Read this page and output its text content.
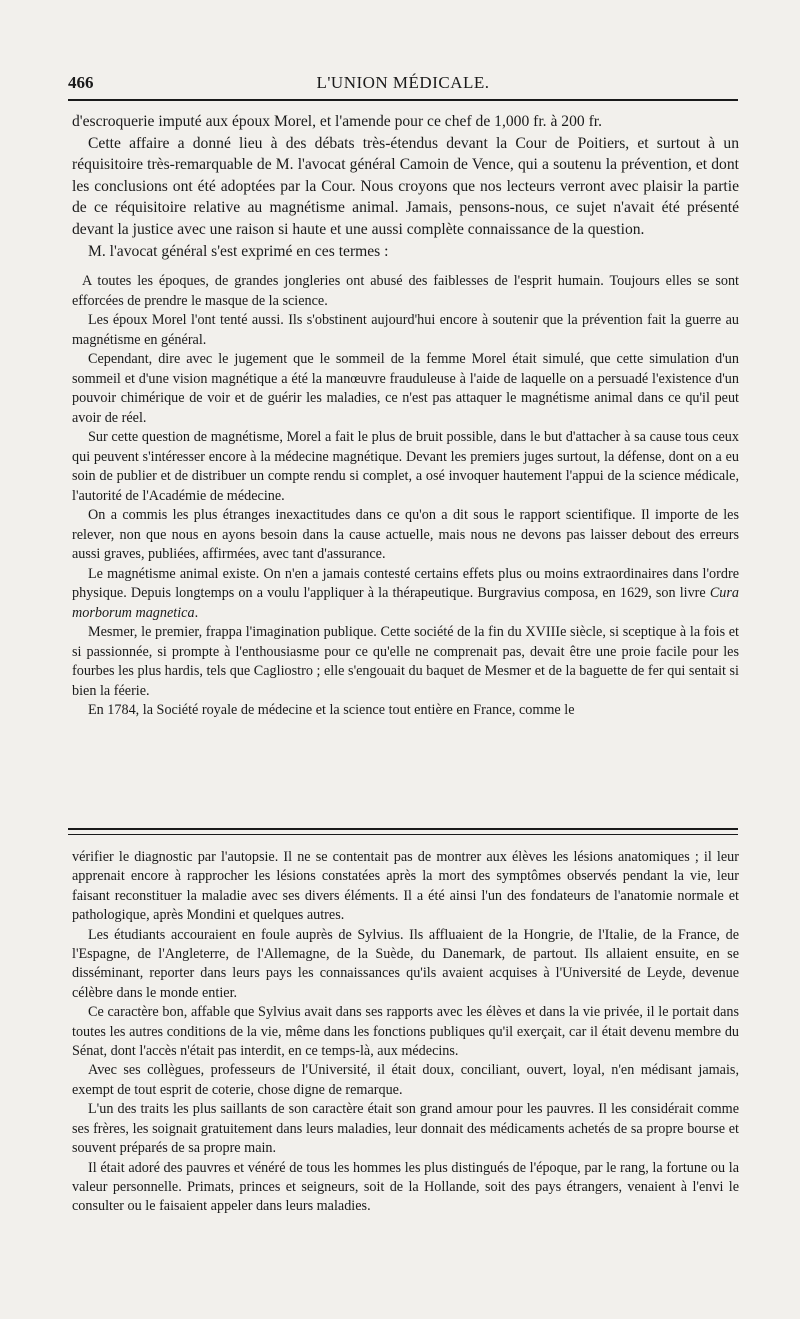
466	L'UNION MÉDICALE.

d'escroquerie imputé aux époux Morel, et l'amende pour ce chef de 1,000 fr. à 200 fr.

Cette affaire a donné lieu à des débats très-étendus devant la Cour de Poitiers, et surtout à un réquisitoire très-remarquable de M. l'avocat général Camoin de Vence, qui a soutenu la prévention, et dont les conclusions ont été adoptées par la Cour. Nous croyons que nos lecteurs verront avec plaisir la partie de ce réquisitoire relative au magnétisme animal. Jamais, pensons-nous, ce sujet n'avait été présenté devant la justice avec une raison si haute et une aussi complète connaissance de la question.

M. l'avocat général s'est exprimé en ces termes :

A toutes les époques, de grandes jongleries ont abusé des faiblesses de l'esprit humain. Toujours elles se sont efforcées de prendre le masque de la science.

Les époux Morel l'ont tenté aussi. Ils s'obstinent aujourd'hui encore à soutenir que la prévention fait la guerre au magnétisme en général.

Cependant, dire avec le jugement que le sommeil de la femme Morel était simulé, que cette simulation d'un sommeil et d'une vision magnétique a été la manœuvre frauduleuse à l'aide de laquelle on a persuadé l'existence d'un pouvoir chimérique de voir et de guérir les maladies, ce n'est pas attaquer le magnétisme animal dans ce qu'il peut avoir de réel.

Sur cette question de magnétisme, Morel a fait le plus de bruit possible, dans le but d'attacher à sa cause tous ceux qui peuvent s'intéresser encore à la médecine magnétique. Devant les premiers juges surtout, la défense, dont on a eu soin de publier et de distribuer un compte rendu si complet, a osé invoquer hautement l'appui de la science médicale, l'autorité de l'Académie de médecine.

On a commis les plus étranges inexactitudes dans ce qu'on a dit sous le rapport scientifique. Il importe de les relever, non que nous en ayons besoin dans la cause actuelle, mais nous ne devons pas laisser debout des erreurs aussi graves, publiées, affirmées, avec tant d'assurance.

Le magnétisme animal existe. On n'en a jamais contesté certains effets plus ou moins extraordinaires dans l'ordre physique. Depuis longtemps on a voulu l'appliquer à la thérapeutique. Burgravius composa, en 1629, son livre Cura morborum magnetica.

Mesmer, le premier, frappa l'imagination publique. Cette société de la fin du XVIIIe siècle, si sceptique à la fois et si passionnée, si prompte à l'enthousiasme pour ce qu'elle ne comprenait pas, devait être une proie facile pour les fourbes les plus hardis, tels que Cagliostro ; elle s'engouait du baquet de Mesmer et de la baguette de fer qui sentait si bien la féerie.

En 1784, la Société royale de médecine et la science tout entière en France, comme le

vérifier le diagnostic par l'autopsie. Il ne se contentait pas de montrer aux élèves les lésions anatomiques ; il leur apprenait encore à rapprocher les lésions constatées après la mort des symptômes observés pendant la vie, leur faisant reconstituer la maladie avec ses divers éléments. Il a été ainsi l'un des fondateurs de l'anatomie normale et pathologique, après Mondini et quelques autres.

Les étudiants accouraient en foule auprès de Sylvius. Ils affluaient de la Hongrie, de l'Italie, de la France, de l'Espagne, de l'Angleterre, de l'Allemagne, de la Suède, du Danemark, de partout. Ils allaient ensuite, en se disséminant, reporter dans leurs pays les connaissances qu'ils avaient acquises à l'Université de Leyde, devenue célèbre dans le monde entier.

Ce caractère bon, affable que Sylvius avait dans ses rapports avec les élèves et dans la vie privée, il le portait dans toutes les autres conditions de la vie, même dans les fonctions publiques qu'il exerçait, car il était devenu membre du Sénat, dont l'accès n'était pas interdit, en ce temps-là, aux médecins.

Avec ses collègues, professeurs de l'Université, il était doux, conciliant, ouvert, loyal, n'en médisant jamais, exempt de tout esprit de coterie, chose digne de remarque.

L'un des traits les plus saillants de son caractère était son grand amour pour les pauvres. Il les considérait comme ses frères, les soignait gratuitement dans leurs maladies, leur donnait des médicaments achetés de sa propre bourse et souvent préparés de sa propre main.

Il était adoré des pauvres et vénéré de tous les hommes les plus distingués de l'époque, par le rang, la fortune ou la valeur personnelle. Primats, princes et seigneurs, soit de la Hollande, soit des pays étrangers, venaient à l'envi le consulter ou le faisaient appeler dans leurs maladies.
